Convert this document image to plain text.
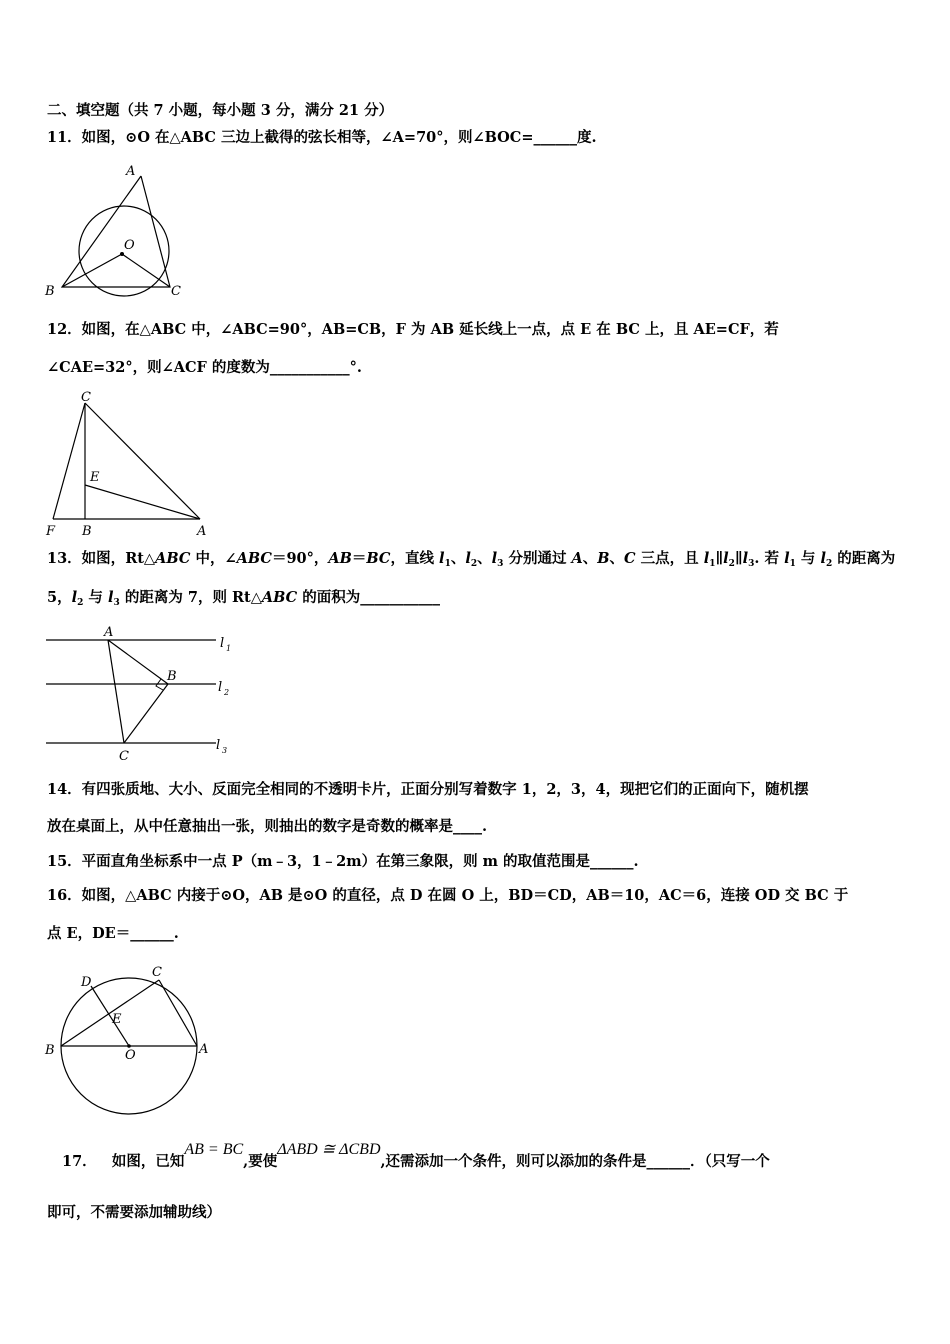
二、填空题（共 7 小题，每小题 3 分，满分 21 分）
11．如图，⊙O 在△ABC 三边上截得的弦长相等，∠A=70°，则∠BOC=______度.
A
O
B	C
12．如图，在△ABC 中，∠ABC=90°，AB=CB，F 为 AB 延长线上一点，点 E 在 BC 上，且 AE=CF，若
∠CAE=32°，则∠ACF 的度数为___________°.
C
E
F B	A
13．如图，Rt△ABC 中，∠ABC＝90°，AB＝BC，直线 $l_1$、$l_2$、$l_3$ 分别通过 A、B、C 三点，且 $l_1\parallel l_2\parallel l_3$. 若 $l_1$ 与 $l_2$ 的距离为
5，$l_2$ 与 $l_3$ 的距离为 7，则 Rt△ABC 的面积为___________
A
B
C
l 1
l 2
l 3
14．有四张质地、大小、反面完全相同的不透明卡片，正面分别写着数字 1，2，3，4，现把它们的正面向下，随机摆
放在桌面上，从中任意抽出一张，则抽出的数字是奇数的概率是____.
15．平面直角坐标系中一点 P（m﹣3，1﹣2m）在第三象限，则 m 的取值范围是______.
16．如图，△ABC 内接于⊙O，AB 是⊙O 的直径，点 D 在圆 O 上，BD＝CD，AB＝10，AC＝6，连接 OD 交 BC 于
点 E，DE＝______.
D
C
E
B	O	A
17． 如图，已知AB = BC,要使ΔABD ≅ ΔCBD,还需添加一个条件，则可以添加的条件是______．（只写一个
即可，不需要添加辅助线）
